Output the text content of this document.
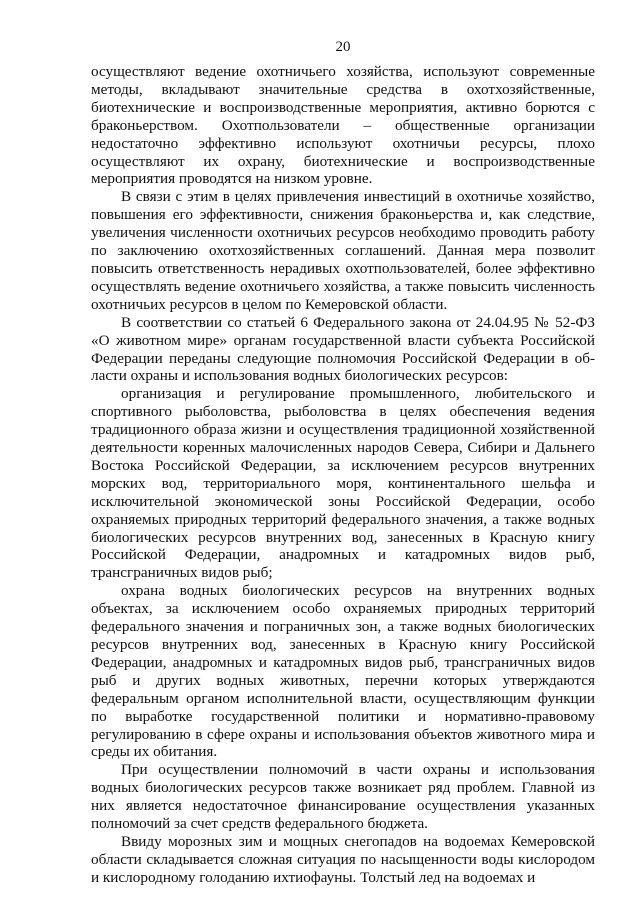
20

осуществляют ведение охотничьего хозяйства, используют современные методы, вкладывают значительные средства в охотхозяйственные, биотехнические и воспроизводственные мероприятия, активно борются с браконьерством. Охотпользователи – общественные организации недостаточно эффективно используют охотничьи ресурсы, плохо осуществляют их охрану, биотехнические и воспроизводственные мероприятия проводятся на низком уровне.

В связи с этим в целях привлечения инвестиций в охотничье хозяйство, повышения его эффективности, снижения браконьерства и, как следствие, увеличения численности охотничьих ресурсов необходимо проводить работу по заключению охотхозяйственных соглашений. Данная мера позволит повысить ответственность нерадивых охотпользователей, более эффективно осуществлять ведение охотничьего хозяйства, а также повысить численность охотничьих ресурсов в целом по Кемеровской области.

В соответствии со статьей 6 Федерального закона от 24.04.95 № 52-ФЗ «О животном мире» органам государственной власти субъекта Российской Федерации переданы следующие полномочия Российской Федерации в области охраны и использования водных биологических ресурсов:

организация и регулирование промышленного, любительского и спортивного рыболовства, рыболовства в целях обеспечения ведения традиционного образа жизни и осуществления традиционной хозяйственной деятельности коренных малочисленных народов Севера, Сибири и Дальнего Востока Российской Федерации, за исключением ресурсов внутренних морских вод, территориального моря, континентального шельфа и исключительной экономической зоны Российской Федерации, особо охраняемых природных территорий федерального значения, а также водных биологических ресурсов внутренних вод, занесенных в Красную книгу Российской Федерации, анадромных и катадромных видов рыб, трансграничных видов рыб;

охрана водных биологических ресурсов на внутренних водных объектах, за исключением особо охраняемых природных территорий федерального значения и пограничных зон, а также водных биологических ресурсов внутренних вод, занесенных в Красную книгу Российской Федерации, анадромных и катадромных видов рыб, трансграничных видов рыб и других водных животных, перечни которых утверждаются федеральным органом исполнительной власти, осуществляющим функции по выработке государственной политики и нормативно-правовому регулированию в сфере охраны и использования объектов животного мира и среды их обитания.

При осуществлении полномочий в части охраны и использования водных биологических ресурсов также возникает ряд проблем. Главной из них является недостаточное финансирование осуществления указанных полномочий за счет средств федерального бюджета.

Ввиду морозных зим и мощных снегопадов на водоемах Кемеровской области складывается сложная ситуация по насыщенности воды кислородом и кислородному голоданию ихтиофауны. Толстый лед на водоемах и
